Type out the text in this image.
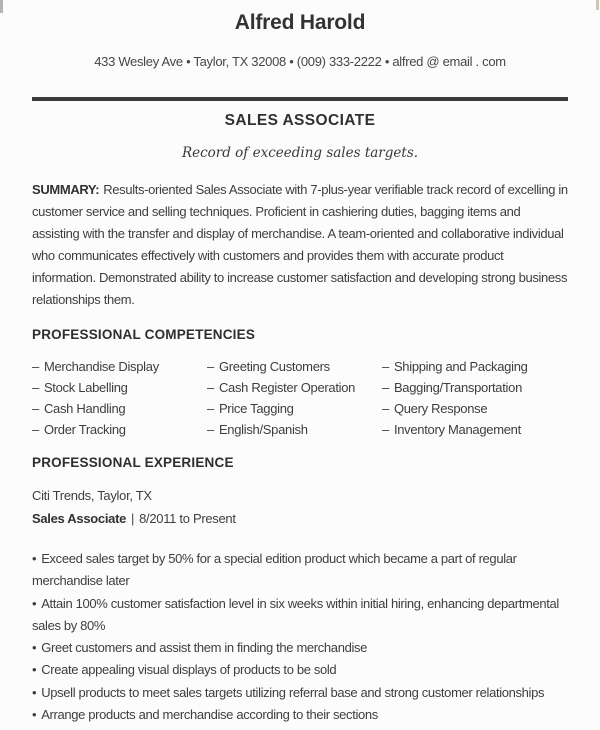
Alfred Harold
433 Wesley Ave • Taylor, TX 32008 • (009) 333-2222 • alfred @ email . com
SALES ASSOCIATE
Record of exceeding sales targets.

SUMMARY: Results-oriented Sales Associate with 7-plus-year verifiable track record of excelling in customer service and selling techniques. Proficient in cashiering duties, bagging items and assisting with the transfer and display of merchandise. A team-oriented and collaborative individual who communicates effectively with customers and provides them with accurate product information. Demonstrated ability to increase customer satisfaction and developing strong business relationships them.

PROFESSIONAL COMPETENCIES
– Merchandise Display	– Greeting Customers	– Shipping and Packaging
– Stock Labelling	– Cash Register Operation	– Bagging/Transportation
– Cash Handling	– Price Tagging	– Query Response
– Order Tracking	– English/Spanish	– Inventory Management
PROFESSIONAL EXPERIENCE

Citi Trends, Taylor, TX

Sales Associate | 8/2011 to Present

• Exceed sales target by 50% for a special edition product which became a part of regular merchandise later

• Attain 100% customer satisfaction level in six weeks within initial hiring, enhancing departmental sales by 80%

• Greet customers and assist them in finding the merchandise

• Create appealing visual displays of products to be sold

• Upsell products to meet sales targets utilizing referral base and strong customer relationships

• Arrange products and merchandise according to their sections
